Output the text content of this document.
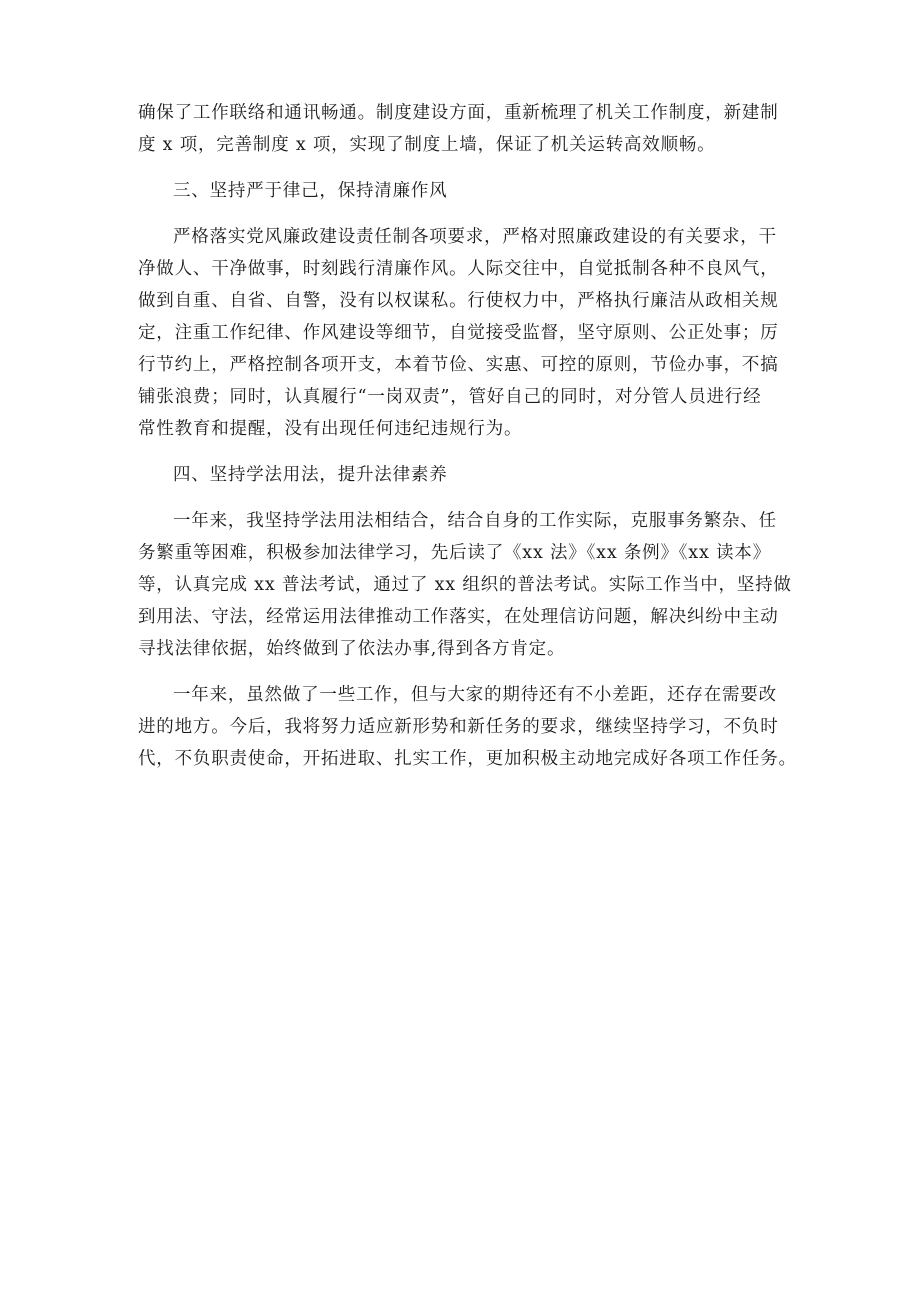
确保了工作联络和通讯畅通。制度建设方面，重新梳理了机关工作制度，新建制
度 x 项，完善制度 x 项，实现了制度上墙，保证了机关运转高效顺畅。

三、坚持严于律己，保持清廉作风

严格落实党风廉政建设责任制各项要求，严格对照廉政建设的有关要求，干
净做人、干净做事，时刻践行清廉作风。人际交往中，自觉抵制各种不良风气，
做到自重、自省、自警，没有以权谋私。行使权力中，严格执行廉洁从政相关规
定，注重工作纪律、作风建设等细节，自觉接受监督，坚守原则、公正处事；厉
行节约上，严格控制各项开支，本着节俭、实惠、可控的原则，节俭办事，不搞
铺张浪费；同时，认真履行“一岗双责”，管好自己的同时，对分管人员进行经
常性教育和提醒，没有出现任何违纪违规行为。

四、坚持学法用法，提升法律素养

一年来，我坚持学法用法相结合，结合自身的工作实际，克服事务繁杂、任
务繁重等困难，积极参加法律学习，先后读了《xx 法》《xx 条例》《xx 读本》
等，认真完成 xx 普法考试，通过了 xx 组织的普法考试。实际工作当中，坚持做
到用法、守法，经常运用法律推动工作落实，在处理信访问题，解决纠纷中主动
寻找法律依据，始终做到了依法办事,得到各方肯定。

一年来，虽然做了一些工作，但与大家的期待还有不小差距，还存在需要改
进的地方。今后，我将努力适应新形势和新任务的要求，继续坚持学习，不负时
代，不负职责使命，开拓进取、扎实工作，更加积极主动地完成好各项工作任务。
